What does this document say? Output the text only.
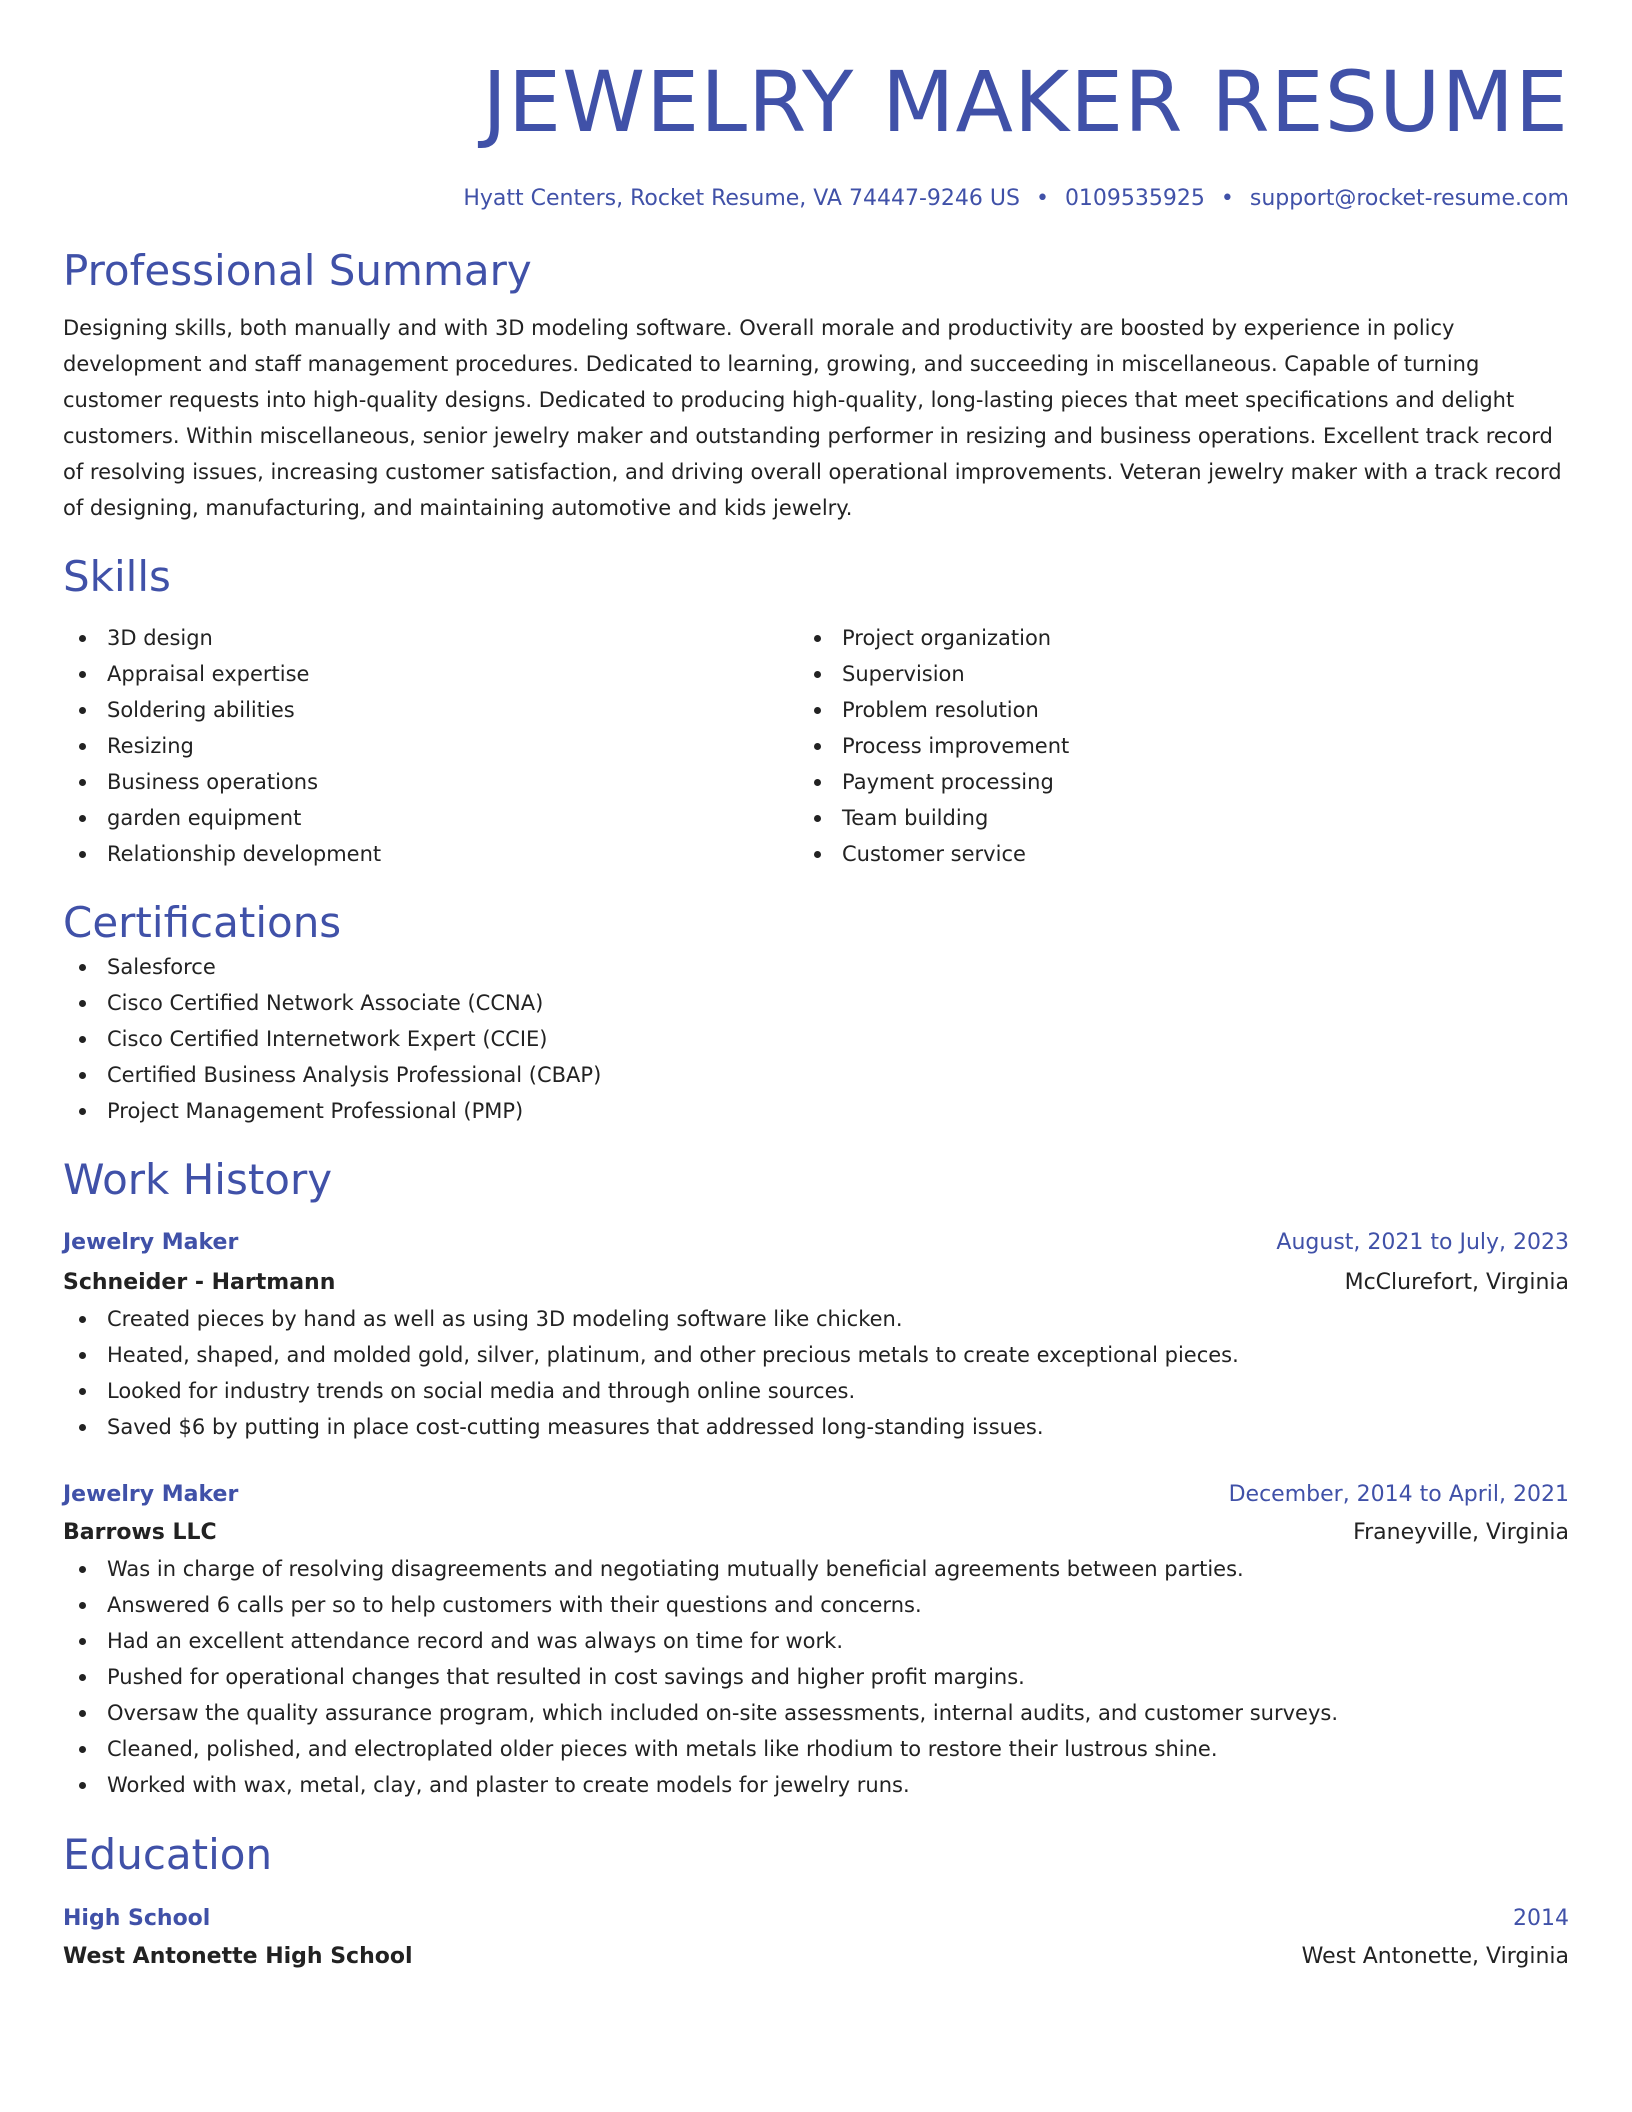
JEWELRY MAKER RESUME
Hyatt Centers, Rocket Resume, VA 74447-9246 US • 0109535925 • support@rocket-resume.com
Professional Summary
Designing skills, both manually and with 3D modeling software. Overall morale and productivity are boosted by experience in policy development and staff management procedures. Dedicated to learning, growing, and succeeding in miscellaneous. Capable of turning customer requests into high-quality designs. Dedicated to producing high-quality, long-lasting pieces that meet specifications and delight customers. Within miscellaneous, senior jewelry maker and outstanding performer in resizing and business operations. Excellent track record of resolving issues, increasing customer satisfaction, and driving overall operational improvements. Veteran jewelry maker with a track record of designing, manufacturing, and maintaining automotive and kids jewelry.
Skills
3D design
Appraisal expertise
Soldering abilities
Resizing
Business operations
garden equipment
Relationship development
Project organization
Supervision
Problem resolution
Process improvement
Payment processing
Team building
Customer service
Certifications
Salesforce
Cisco Certified Network Associate (CCNA)
Cisco Certified Internetwork Expert (CCIE)
Certified Business Analysis Professional (CBAP)
Project Management Professional (PMP)
Work History
Jewelry Maker	August, 2021 to July, 2023
Schneider - Hartmann	McClurefort, Virginia
Created pieces by hand as well as using 3D modeling software like chicken.
Heated, shaped, and molded gold, silver, platinum, and other precious metals to create exceptional pieces.
Looked for industry trends on social media and through online sources.
Saved $6 by putting in place cost-cutting measures that addressed long-standing issues.
Jewelry Maker	December, 2014 to April, 2021
Barrows LLC	Franeyville, Virginia
Was in charge of resolving disagreements and negotiating mutually beneficial agreements between parties.
Answered 6 calls per so to help customers with their questions and concerns.
Had an excellent attendance record and was always on time for work.
Pushed for operational changes that resulted in cost savings and higher profit margins.
Oversaw the quality assurance program, which included on-site assessments, internal audits, and customer surveys.
Cleaned, polished, and electroplated older pieces with metals like rhodium to restore their lustrous shine.
Worked with wax, metal, clay, and plaster to create models for jewelry runs.
Education
High School	2014
West Antonette High School	West Antonette, Virginia
